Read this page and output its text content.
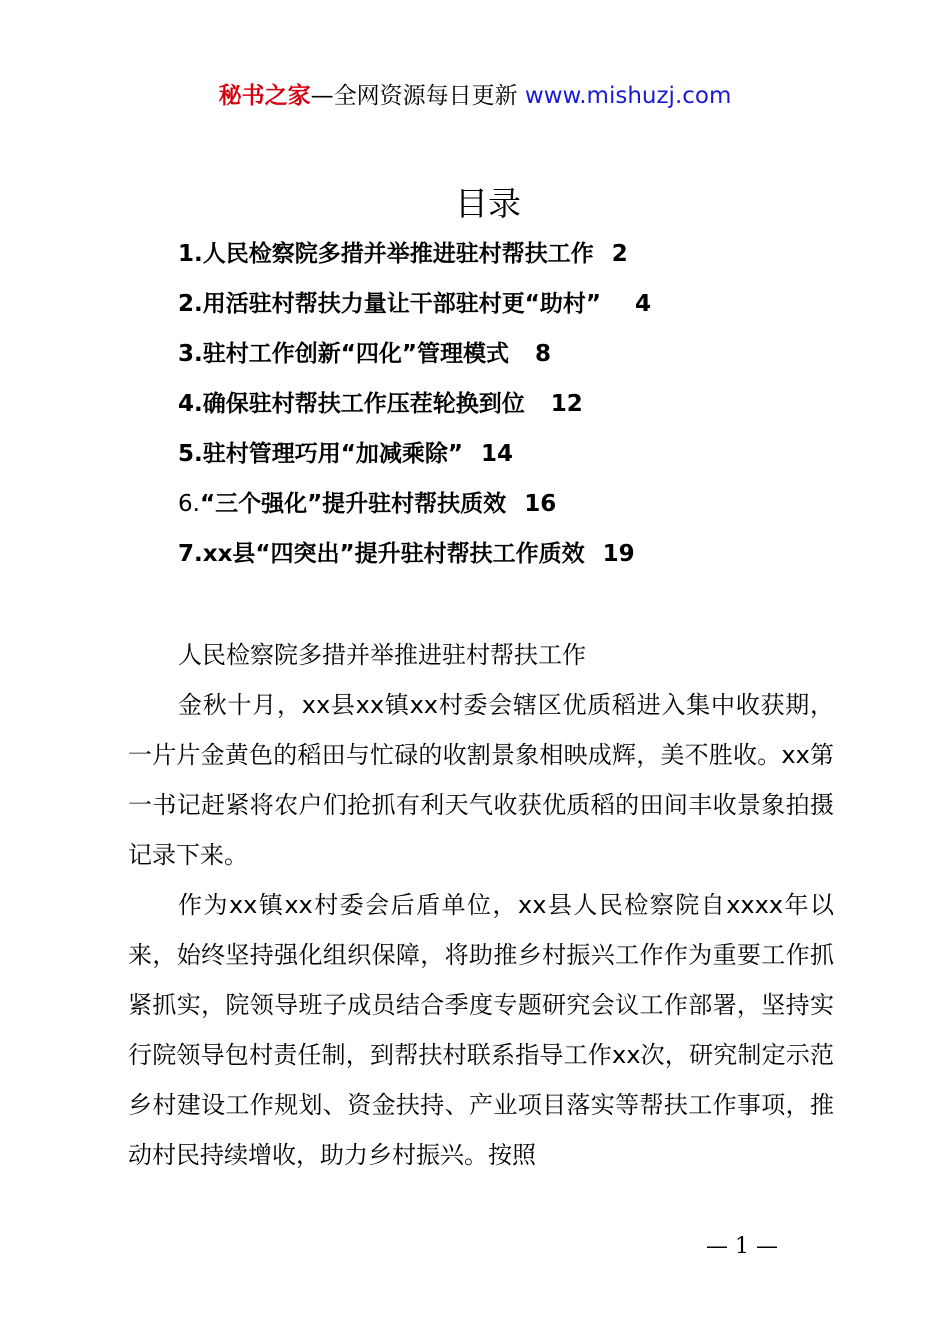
秘书之家—全网资源每日更新 www.mishuzj.com
目录
1.人民检察院多措并举推进驻村帮扶工作 2
2.用活驻村帮扶力量让干部驻村更“助村”  4
3.驻村工作创新“四化”管理模式 8
4.确保驻村帮扶工作压茬轮换到位 12
5.驻村管理巧用“加减乘除” 14
6.“三个强化”提升驻村帮扶质效 16
7.xx县“四突出”提升驻村帮扶工作质效 19
人民检察院多措并举推进驻村帮扶工作

金秋十月，xx县xx镇xx村委会辖区优质稻进入集中收获期，一片片金黄色的稻田与忙碌的收割景象相映成辉，美不胜收。xx第一书记赶紧将农户们抢抓有利天气收获优质稻的田间丰收景象拍摄记录下来。

作为xx镇xx村委会后盾单位，xx县人民检察院自xxxx年以来，始终坚持强化组织保障，将助推乡村振兴工作作为重要工作抓紧抓实，院领导班子成员结合季度专题研究会议工作部署，坚持实行院领导包村责任制，到帮扶村联系指导工作xx次，研究制定示范乡村建设工作规划、资金扶持、产业项目落实等帮扶工作事项，推动村民持续增收，助力乡村振兴。按照

— 1 —
